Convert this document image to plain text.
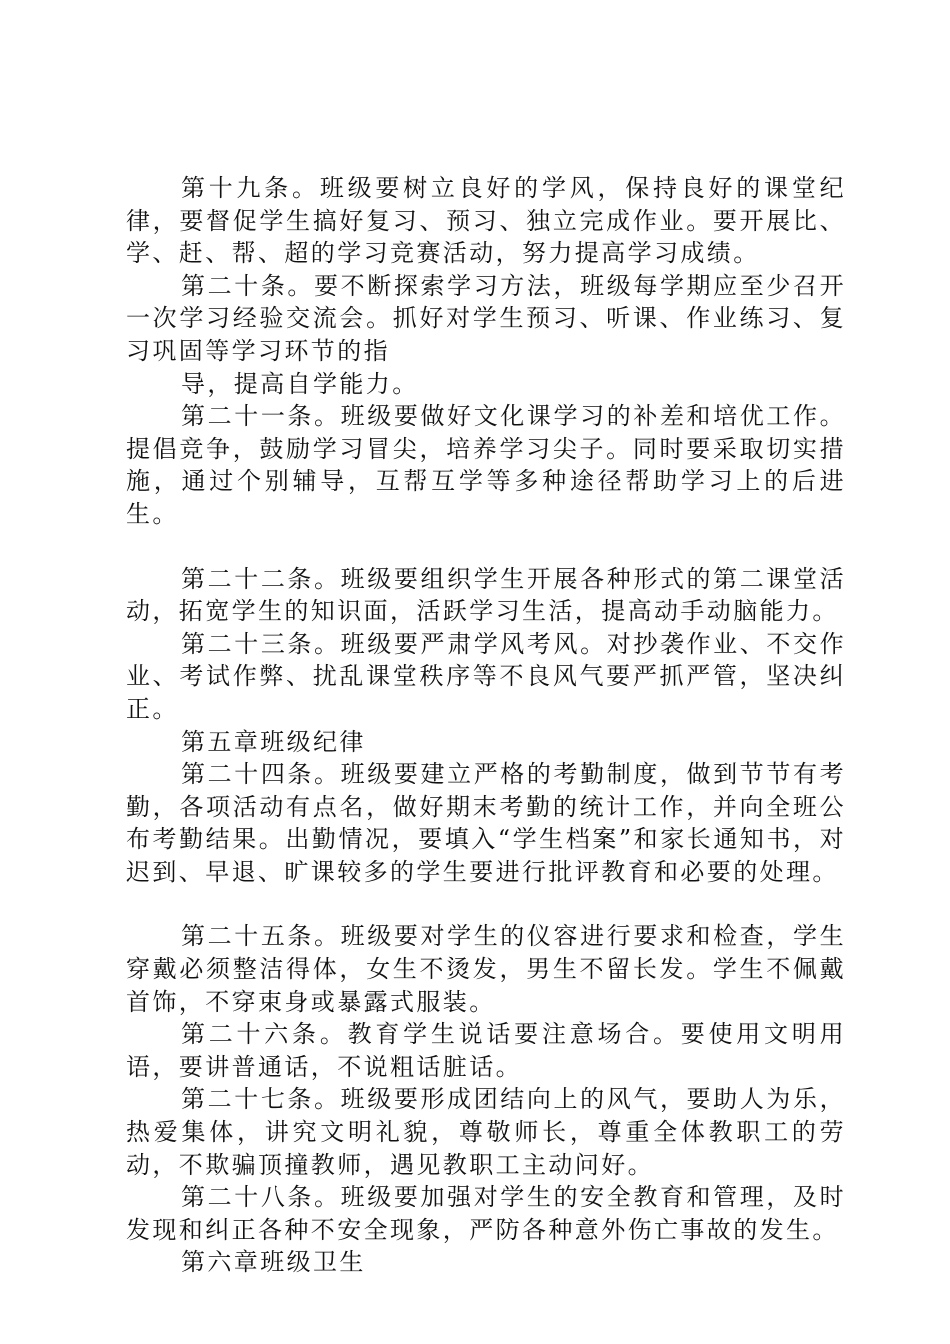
第十九条。班级要树立良好的学风，保持良好的课堂纪律，要督促学生搞好复习、预习、独立完成作业。要开展比、学、赶、帮、超的学习竞赛活动，努力提高学习成绩。

第二十条。要不断探索学习方法，班级每学期应至少召开一次学习经验交流会。抓好对学生预习、听课、作业练习、复习巩固等学习环节的指

导，提高自学能力。

第二十一条。班级要做好文化课学习的补差和培优工作。提倡竞争，鼓励学习冒尖，培养学习尖子。同时要采取切实措施，通过个别辅导，互帮互学等多种途径帮助学习上的后进生。

第二十二条。班级要组织学生开展各种形式的第二课堂活动，拓宽学生的知识面，活跃学习生活，提高动手动脑能力。

第二十三条。班级要严肃学风考风。对抄袭作业、不交作业、考试作弊、扰乱课堂秩序等不良风气要严抓严管，坚决纠正。

第五章班级纪律

第二十四条。班级要建立严格的考勤制度，做到节节有考勤，各项活动有点名，做好期末考勤的统计工作，并向全班公布考勤结果。出勤情况，要填入“学生档案”和家长通知书，对迟到、早退、旷课较多的学生要进行批评教育和必要的处理。

第二十五条。班级要对学生的仪容进行要求和检查，学生穿戴必须整洁得体，女生不烫发，男生不留长发。学生不佩戴首饰，不穿束身或暴露式服装。

第二十六条。教育学生说话要注意场合。要使用文明用语，要讲普通话，不说粗话脏话。

第二十七条。班级要形成团结向上的风气，要助人为乐，热爱集体，讲究文明礼貌，尊敬师长，尊重全体教职工的劳动，不欺骗顶撞教师，遇见教职工主动问好。

第二十八条。班级要加强对学生的安全教育和管理，及时发现和纠正各种不安全现象，严防各种意外伤亡事故的发生。

第六章班级卫生
